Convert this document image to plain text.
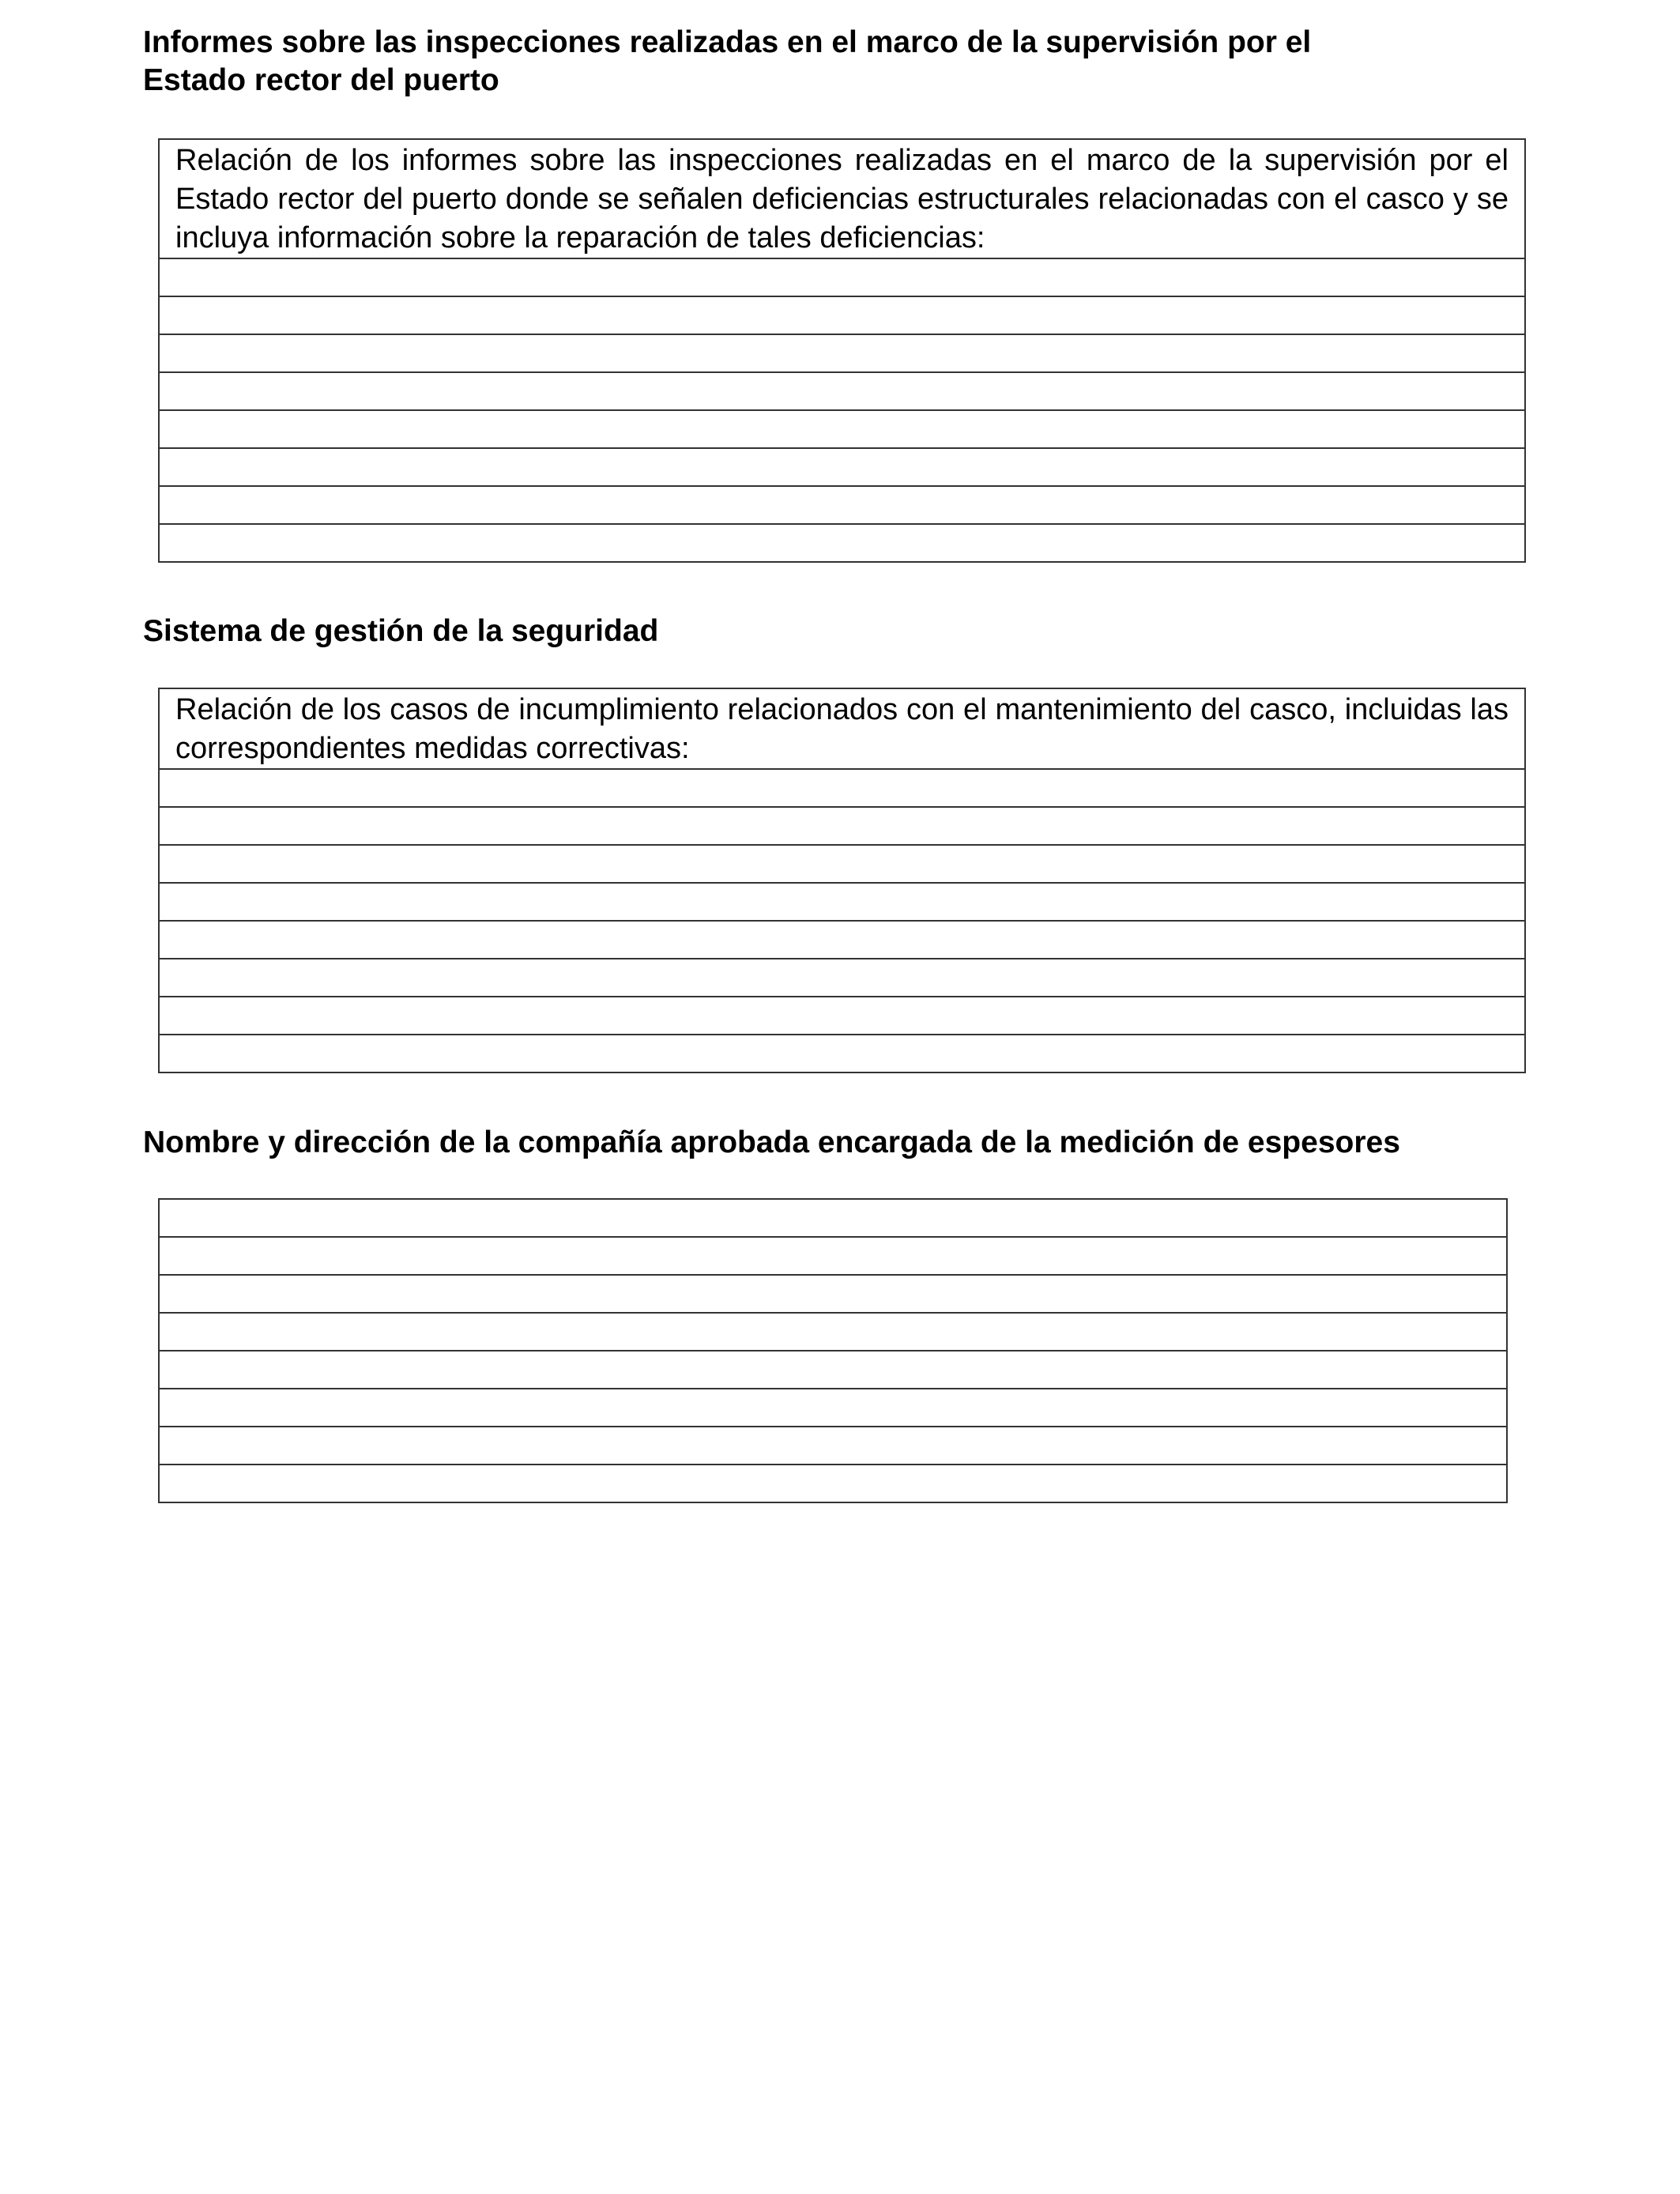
Informes sobre las inspecciones realizadas en el marco de la supervisión por el
Estado rector del puerto
Relación de los informes sobre las inspecciones realizadas en el marco de la supervisión por el Estado rector del puerto donde se señalen deficiencias estructurales relacionadas con el casco y se incluya información sobre la reparación de tales deficiencias:

Sistema de gestión de la seguridad
Relación de los casos de incumplimiento relacionados con el mantenimiento del casco, incluidas las correspondientes medidas correctivas:

Nombre y dirección de la compañía aprobada encargada de la medición de espesores
